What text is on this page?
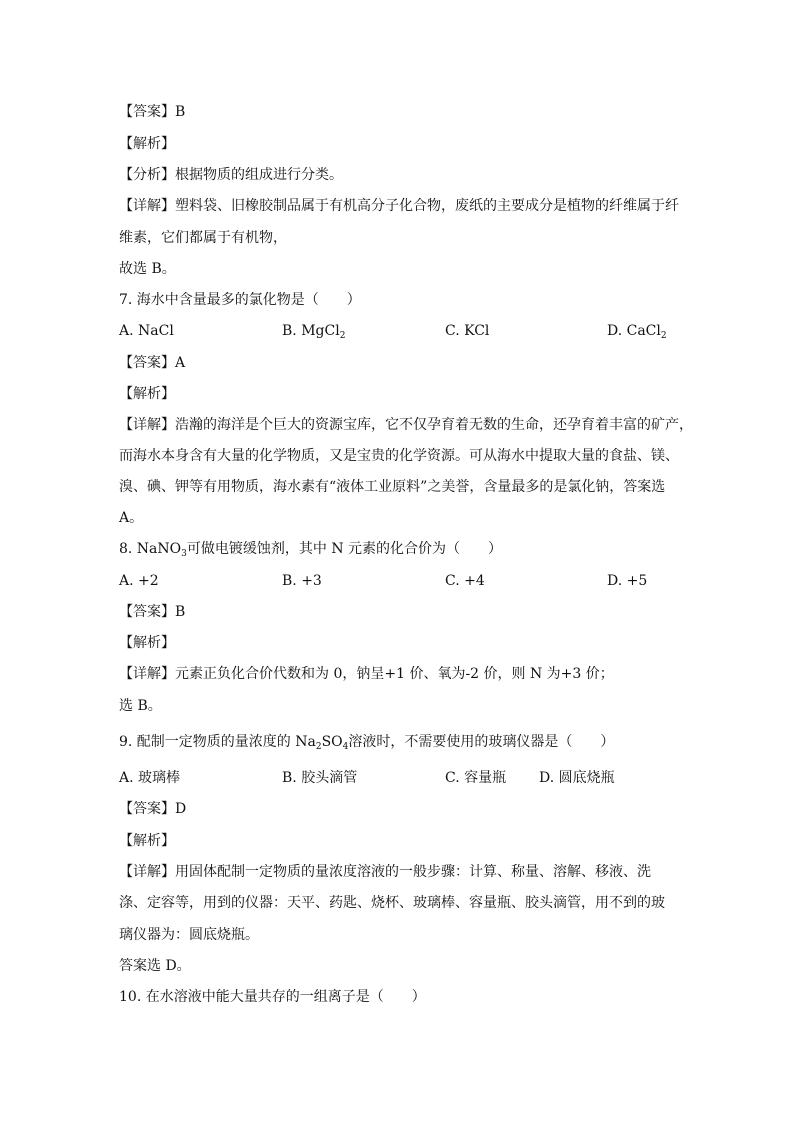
【答案】B
【解析】
【分析】根据物质的组成进行分类。
【详解】塑料袋、旧橡胶制品属于有机高分子化合物，废纸的主要成分是植物的纤维属于纤
维素，它们都属于有机物，
故选 B。
7. 海水中含量最多的氯化物是（　　）
A. NaCl	B. MgCl$_2$	C. KCl	D. CaCl$_2$
【答案】A
【解析】
【详解】浩瀚的海洋是个巨大的资源宝库，它不仅孕育着无数的生命，还孕育着丰富的矿产，
而海水本身含有大量的化学物质，又是宝贵的化学资源。可从海水中提取大量的食盐、镁、
溴、碘、钾等有用物质，海水素有“液体工业原料”之美誉，含量最多的是氯化钠，答案选
A。
8. NaNO$_3$可做电镀缓蚀剂，其中 N 元素的化合价为（　　）
A. +2	B. +3	C. +4	D. +5
【答案】B
【解析】
【详解】元素正负化合价代数和为 0，钠呈+1 价、氧为-2 价，则 N 为+3 价；
选 B。
9. 配制一定物质的量浓度的 $Na_2SO_4$溶液时，不需要使用的玻璃仪器是（　　）
A. 玻璃棒	B. 胶头滴管	C. 容量瓶 D. 圆底烧瓶
【答案】D
【解析】
【详解】用固体配制一定物质的量浓度溶液的一般步骤：计算、称量、溶解、移液、洗
涤、定容等，用到的仪器：天平、药匙、烧杯、玻璃棒、容量瓶、胶头滴管，用不到的玻
璃仪器为：圆底烧瓶。
答案选 D。
10. 在水溶液中能大量共存的一组离子是（　　）
